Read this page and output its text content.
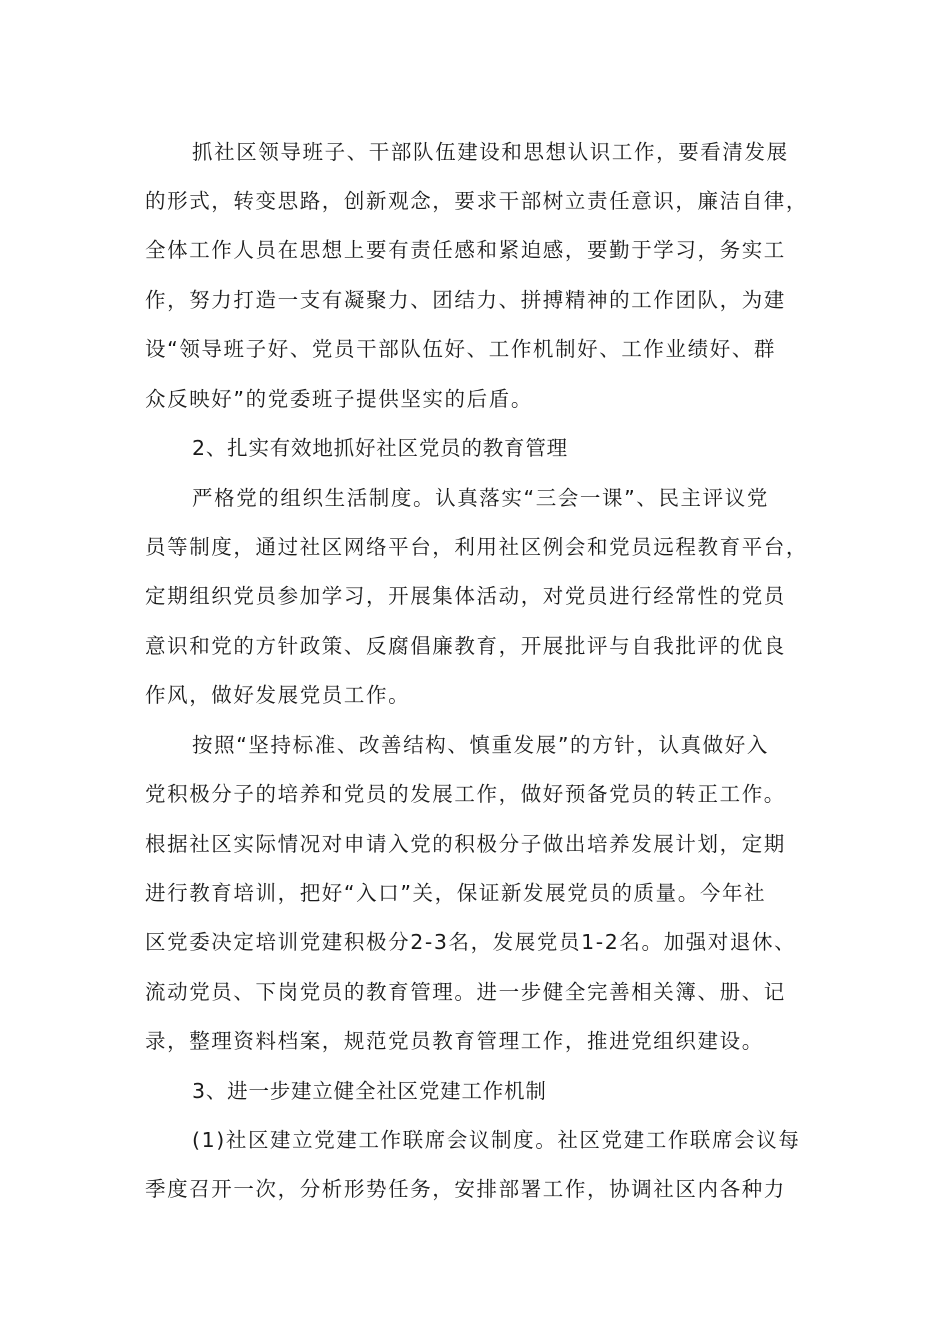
抓社区领导班子、干部队伍建设和思想认识工作，要看清发展
的形式，转变思路，创新观念，要求干部树立责任意识，廉洁自律，
全体工作人员在思想上要有责任感和紧迫感，要勤于学习，务实工
作，努力打造一支有凝聚力、团结力、拼搏精神的工作团队，为建
设“领导班子好、党员干部队伍好、工作机制好、工作业绩好、群
众反映好”的党委班子提供坚实的后盾。
2、扎实有效地抓好社区党员的教育管理
严格党的组织生活制度。认真落实“三会一课”、民主评议党
员等制度，通过社区网络平台，利用社区例会和党员远程教育平台，
定期组织党员参加学习，开展集体活动，对党员进行经常性的党员
意识和党的方针政策、反腐倡廉教育，开展批评与自我批评的优良
作风，做好发展党员工作。
按照“坚持标准、改善结构、慎重发展”的方针，认真做好入
党积极分子的培养和党员的发展工作，做好预备党员的转正工作。
根据社区实际情况对申请入党的积极分子做出培养发展计划，定期
进行教育培训，把好“入口”关，保证新发展党员的质量。今年社
区党委决定培训党建积极分2-3名，发展党员1-2名。加强对退休、
流动党员、下岗党员的教育管理。进一步健全完善相关簿、册、记
录，整理资料档案，规范党员教育管理工作，推进党组织建设。
3、进一步建立健全社区党建工作机制
(1)社区建立党建工作联席会议制度。社区党建工作联席会议每
季度召开一次，分析形势任务，安排部署工作，协调社区内各种力
